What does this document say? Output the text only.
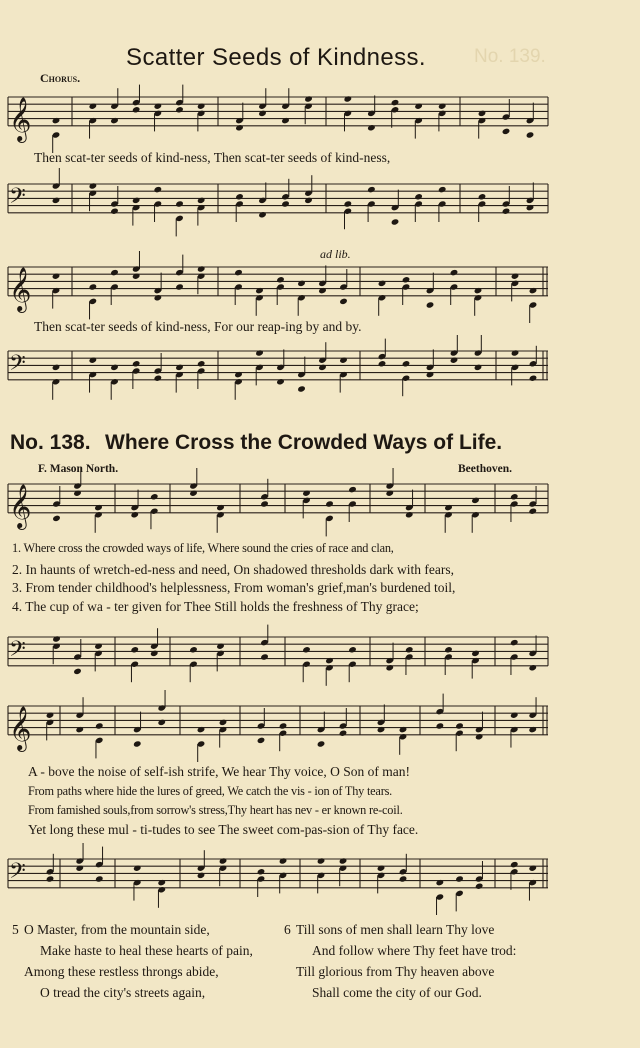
𝄞
𝄢
𝄞
𝄢
𝄞
𝄢
𝄞
𝄢
No. 139.
Scatter Seeds of Kindness.
Chorus.
Then scat-ter seeds of kind-ness, Then scat-ter seeds of kind-ness,
ad lib.
Then scat-ter seeds of kind-ness, For our reap-ing by and by.
No. 138. Where Cross the Crowded Ways of Life.
F. Mason North.	Beethoven.
1. Where cross the crowded ways of life, Where sound the cries of race and clan,
2. In haunts of wretch-ed-ness and need, On shadowed thresholds dark with fears,
3. From tender childhood's helplessness, From woman's grief,man's burdened toil,
4. The cup of wa - ter given for Thee Still holds the freshness of Thy grace;
A - bove the noise of self-ish strife, We hear Thy voice, O Son of man!
From paths where hide the lures of greed, We catch the vis - ion of Thy tears.
From famished souls,from sorrow's stress,Thy heart has nev - er known re-coil.
Yet long these mul - ti-tudes to see The sweet com-pas-sion of Thy face.
5 O Master, from the mountain side,
Make haste to heal these hearts of pain,
Among these restless throngs abide,
O tread the city's streets again,
6 Till sons of men shall learn Thy love
And follow where Thy feet have trod:
Till glorious from Thy heaven above
Shall come the city of our God.
